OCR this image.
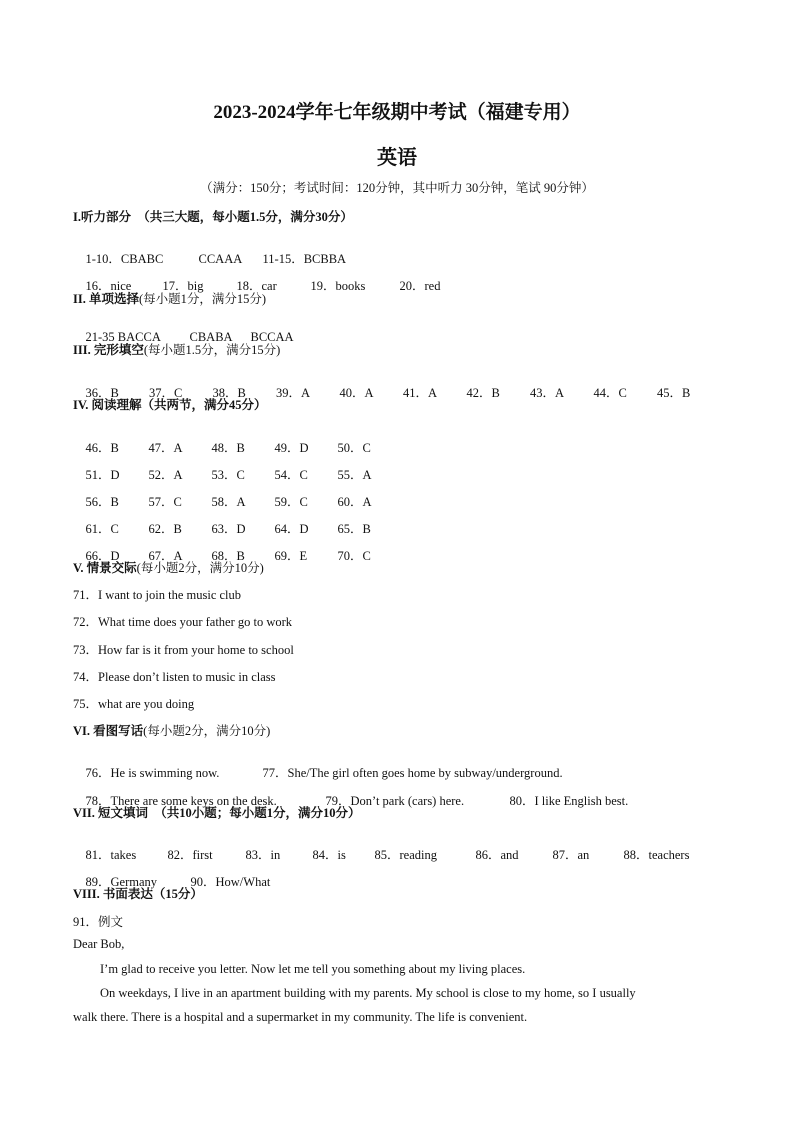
2023-2024学年七年级期中考试（福建专用）
英语
（满分：150分；考试时间：120分钟，其中听力 30分钟，笔试 90分钟）
I.听力部分　（共三大题，每小题1.5分，满分30分）

1-10．CBABC	CCAAA 11-15．BCBBA

16．nice 17．big	18．car	19．books	20．red

II. 单项选择(每小题1分，满分15分)

21-35 BACCA CBABA BCCAA

III. 完形填空(每小题1.5分，满分15分)

36．B 37．C 38．B 39．A 40．A 41．A 42．B 43．A 44．C 45．B

IV. 阅读理解（共两节，满分45分）

46．B 47．A 48．B 49．D 50．C

51．D 52．A 53．C 54．C 55．A

56．B 57．C 58．A 59．C 60．A

61．C 62．B 63．D 64．D 65．B

66．D 67．A 68．B 69．E 70．C

V. 情景交际(每小题2分，满分10分)
71．I want to join the music club
72．What time does your father go to work
73．How far is it from your home to school
74．Please don’t listen to music in class
75．what are you doing
VI. 看图写话(每小题2分，满分10分)

76．He is swimming now.	77．She/The girl often goes home by subway/underground.

78．There are some keys on the desk.	79．Don’t park (cars) here.	80．I like English best.

VII. 短文填词　（共10小题；每小题1分，满分10分）

81．takes	82．first	83．in	84．is 85．reading	86．and	87．an	88．teachers

89．Germany	90．How/What

VIII. 书面表达（15分）
91．例文
Dear Bob,
I’m glad to receive you letter. Now let me tell you something about my living places.
On weekdays, I live in an apartment building with my parents. My school is close to my home, so I usually
walk there. There is a hospital and a supermarket in my community. The life is convenient.
